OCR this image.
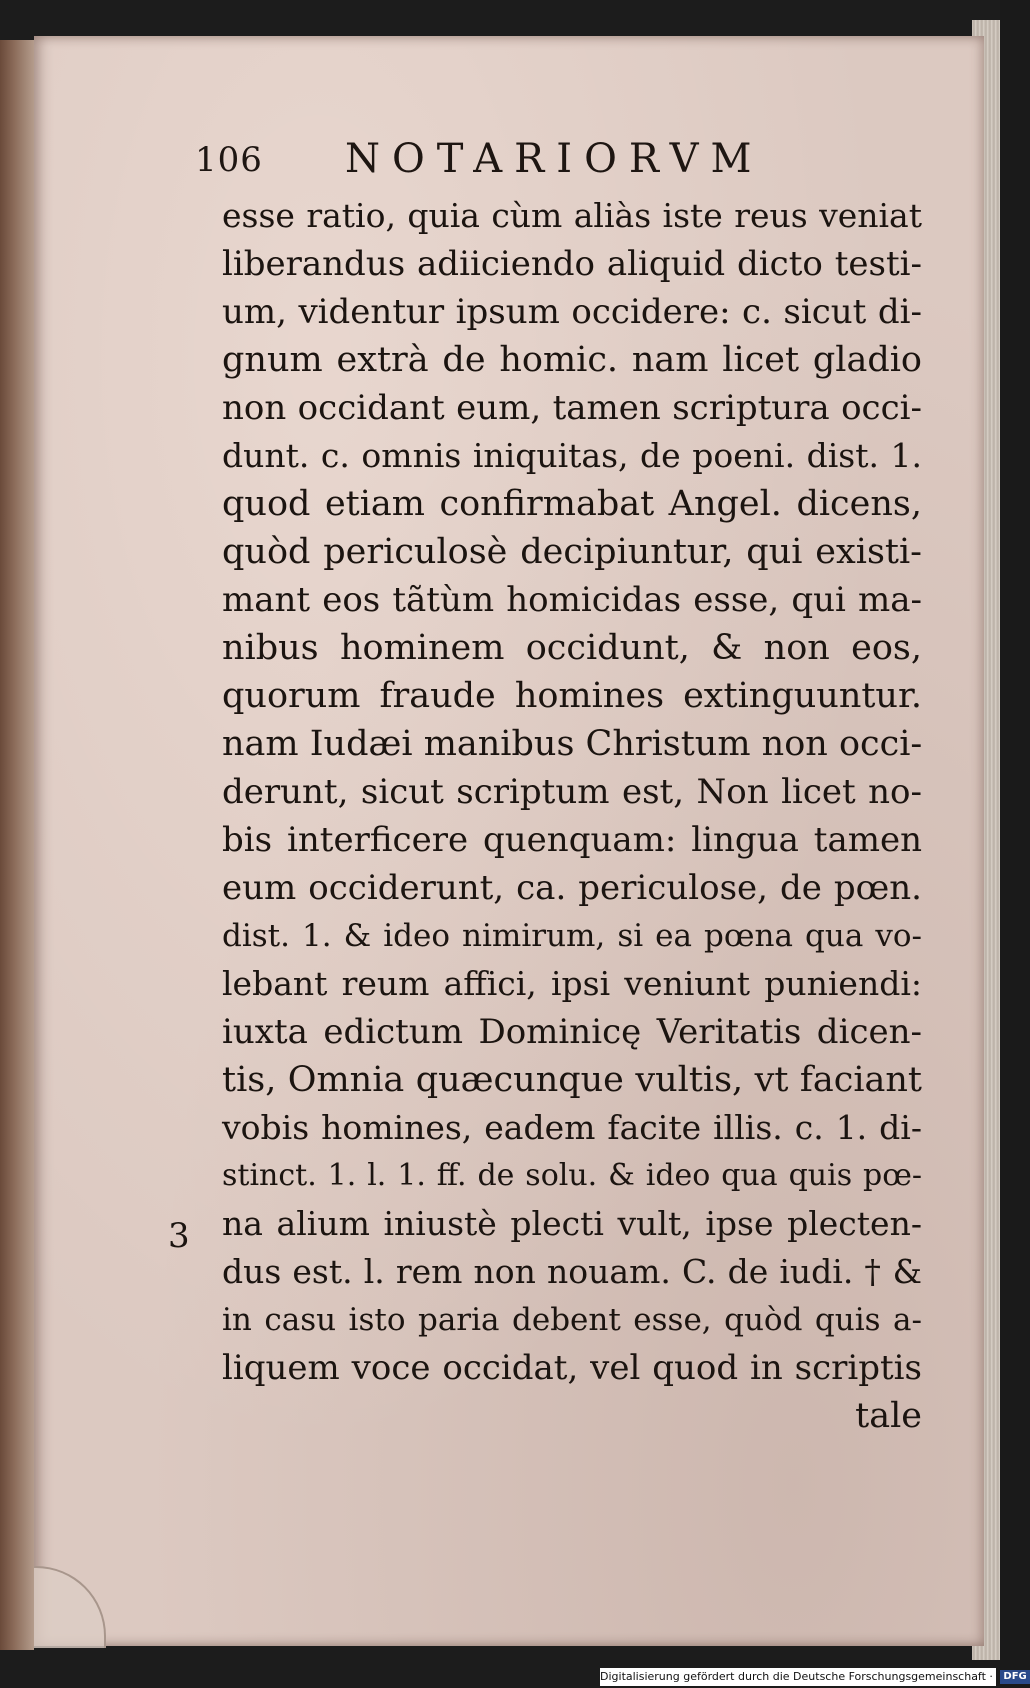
106 NOTARIORVM
3
esse ratio, quia cùm aliàs iste reus veniat
liberandus adiiciendo aliquid dicto testi-
um, videntur ipsum occidere: c. sicut di-
gnum extrà de homic. nam licet gladio
non occidant eum, tamen scriptura occi-
dunt. c. omnis iniquitas, de poeni. dist. 1.
quod etiam confirmabat Angel. dicens,
quòd periculosè decipiuntur, qui existi-
mant eos tãtùm homicidas esse, qui ma-
nibus hominem occidunt, & non eos,
quorum fraude homines extinguuntur.
nam Iudæi manibus Christum non occi-
derunt, sicut scriptum est, Non licet no-
bis interficere quenquam: lingua tamen
eum occiderunt, ca. periculose, de pœn.
dist. 1. & ideo nimirum, si ea pœna qua vo-
lebant reum affici, ipsi veniunt puniendi:
iuxta edictum Dominicę Veritatis dicen-
tis, Omnia quæcunque vultis, vt faciant
vobis homines, eadem facite illis. c. 1. di-
stinct. 1. l. 1. ff. de solu. & ideo qua quis pœ-
na alium iniustè plecti vult, ipse plecten-
dus est. l. rem non nouam. C. de iudi. † &
in casu isto paria debent esse, quòd quis a-
liquem voce occidat, vel quod in scriptis
tale
Digitalisierung gefördert durch die Deutsche Forschungsgemeinschaft · DFG
